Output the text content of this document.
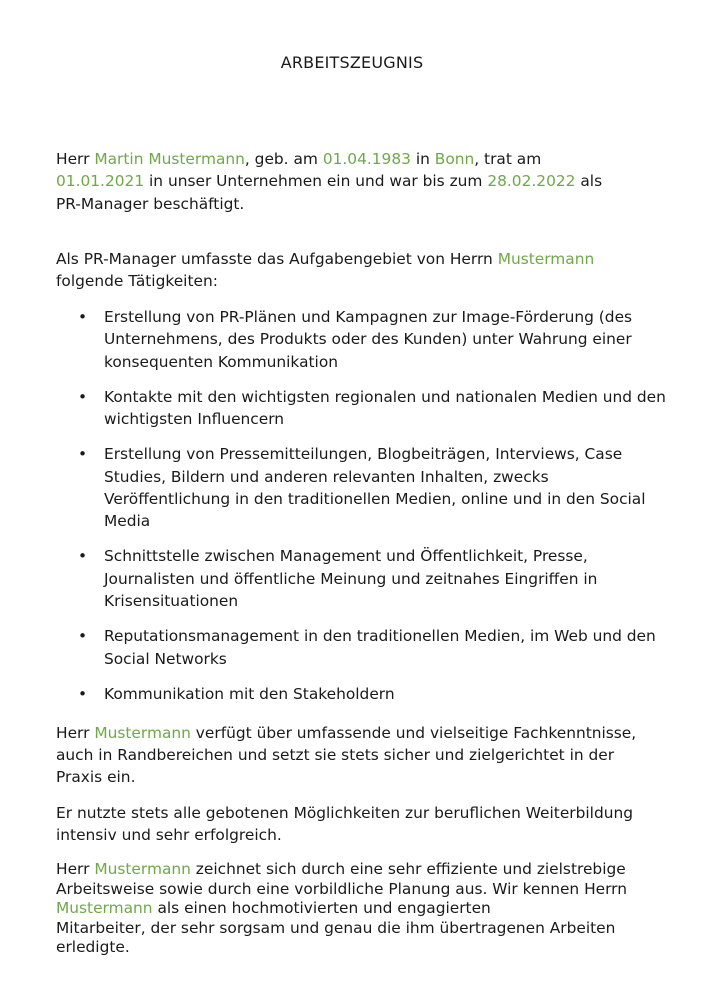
ARBEITSZEUGNIS
Herr Martin Mustermann, geb. am 01.04.1983 in Bonn, trat am
01.01.2021 in unser Unternehmen ein und war bis zum 28.02.2022 als
PR-Manager beschäftigt.
Als PR-Manager umfasste das Aufgabengebiet von Herrn Mustermann
folgende Tätigkeiten:
• Erstellung von PR-Plänen und Kampagnen zur Image-Förderung (des Unternehmens, des Produkts oder des Kunden) unter Wahrung einer konsequenten Kommunikation
• Kontakte mit den wichtigsten regionalen und nationalen Medien und den wichtigsten Influencern
• Erstellung von Pressemitteilungen, Blogbeiträgen, Interviews, Case Studies, Bildern und anderen relevanten Inhalten, zwecks Veröffentlichung in den traditionellen Medien, online und in den Social Media
• Schnittstelle zwischen Management und Öffentlichkeit, Presse, Journalisten und öffentliche Meinung und zeitnahes Eingriffen in Krisensituationen
• Reputationsmanagement in den traditionellen Medien, im Web und den Social Networks
• Kommunikation mit den Stakeholdern
Herr Mustermann verfügt über umfassende und vielseitige Fachkenntnisse, auch in Randbereichen und setzt sie stets sicher und zielgerichtet in der Praxis ein.
Er nutzte stets alle gebotenen Möglichkeiten zur beruflichen Weiterbildung intensiv und sehr erfolgreich.
Herr Mustermann zeichnet sich durch eine sehr effiziente und zielstrebige Arbeitsweise sowie durch eine vorbildliche Planung aus. Wir kennen Herrn
Mustermann als einen hochmotivierten und engagierten
Mitarbeiter, der sehr sorgsam und genau die ihm übertragenen Arbeiten erledigte.
